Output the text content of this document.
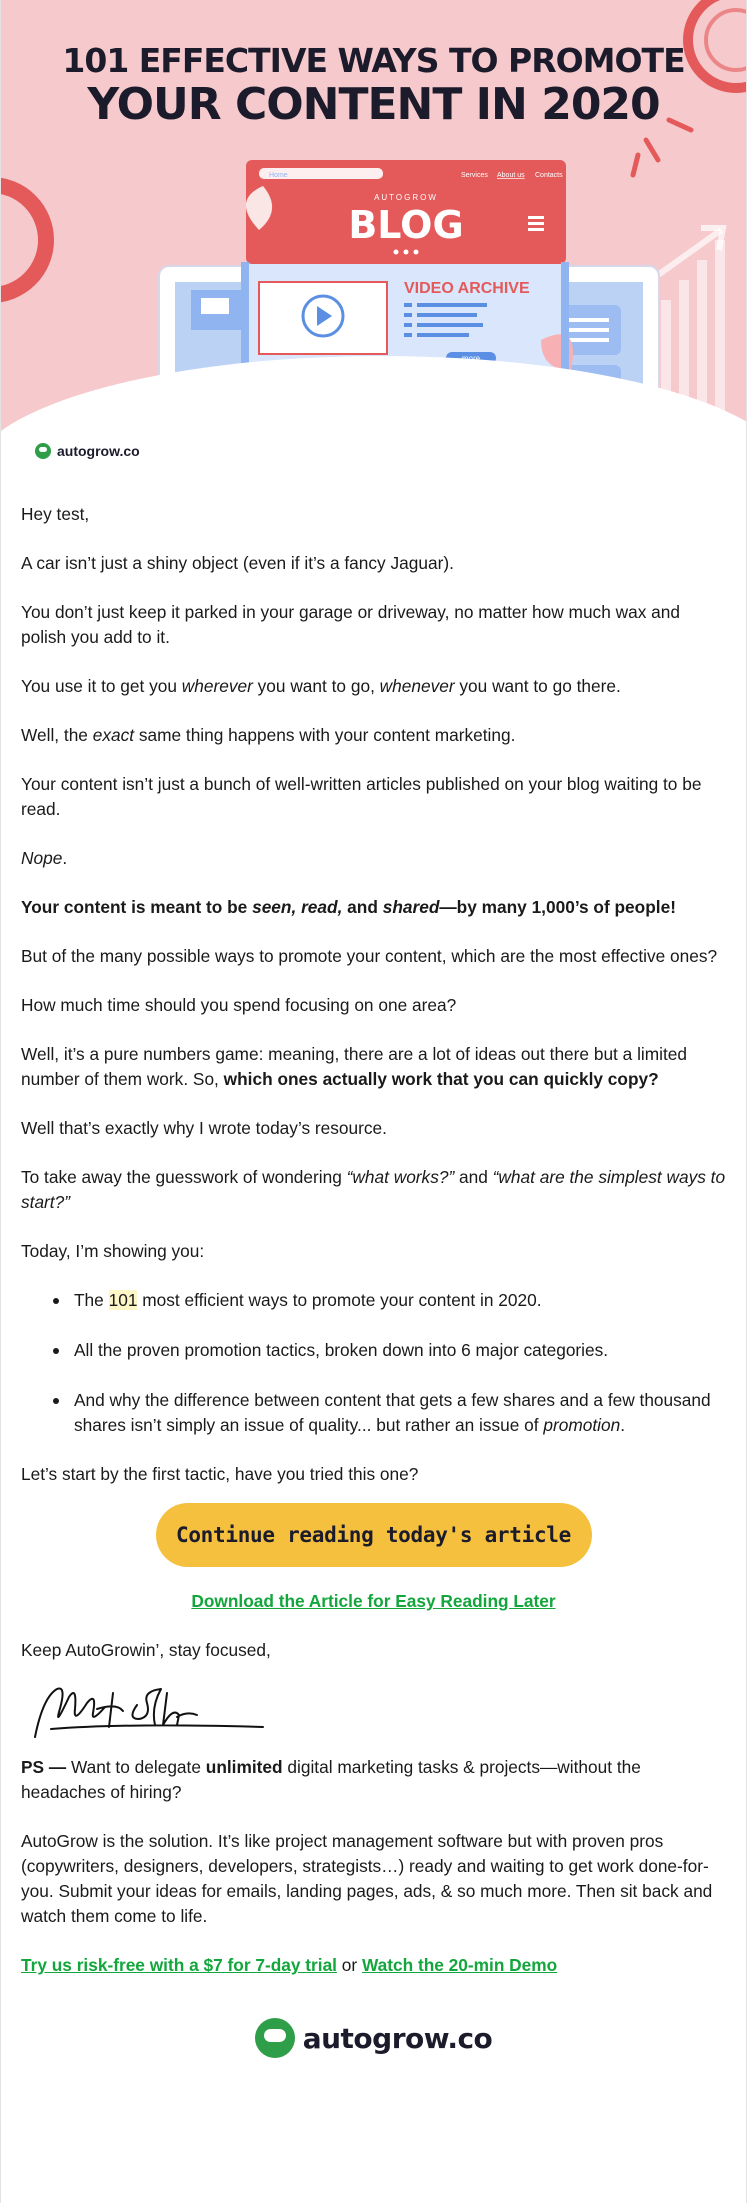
Home	Services About us Contacts
AUTOGROW
BLOG
VIDEO ARCHIVE
101 EFFECTIVE WAYS TO PROMOTE
YOUR CONTENT IN 2020
autogrow.co

Hey test,

A car isn’t just a shiny object (even if it’s a fancy Jaguar).

You don’t just keep it parked in your garage or driveway, no matter how much wax and polish you add to it.

You use it to get you wherever you want to go, whenever you want to go there.

Well, the exact same thing happens with your content marketing.

Your content isn’t just a bunch of well-written articles published on your blog waiting to be read.

Nope.

Your content is meant to be seen, read, and shared—by many 1,000’s of people!

But of the many possible ways to promote your content, which are the most effective ones?

How much time should you spend focusing on one area?

Well, it’s a pure numbers game: meaning, there are a lot of ideas out there but a limited number of them work. So, which ones actually work that you can quickly copy?

Well that’s exactly why I wrote today’s resource.

To take away the guesswork of wondering “what works?” and “what are the simplest ways to start?”

Today, I’m showing you:

The 101 most efficient ways to promote your content in 2020.
All the proven promotion tactics, broken down into 6 major categories.
And why the difference between content that gets a few shares and a few thousand shares isn’t simply an issue of quality... but rather an issue of promotion.

Let’s start by the first tactic, have you tried this one?

Continue reading today's article
Download the Article for Easy Reading Later

Keep AutoGrowin’, stay focused,

PS — Want to delegate unlimited digital marketing tasks & projects—without the headaches of hiring?

AutoGrow is the solution. It’s like project management software but with proven pros (copywriters, designers, developers, strategists…) ready and waiting to get work done-for-you. Submit your ideas for emails, landing pages, ads, & so much more. Then sit back and watch them come to life.

Try us risk-free with a $7 for 7-day trial or Watch the 20-min Demo

autogrow.co
